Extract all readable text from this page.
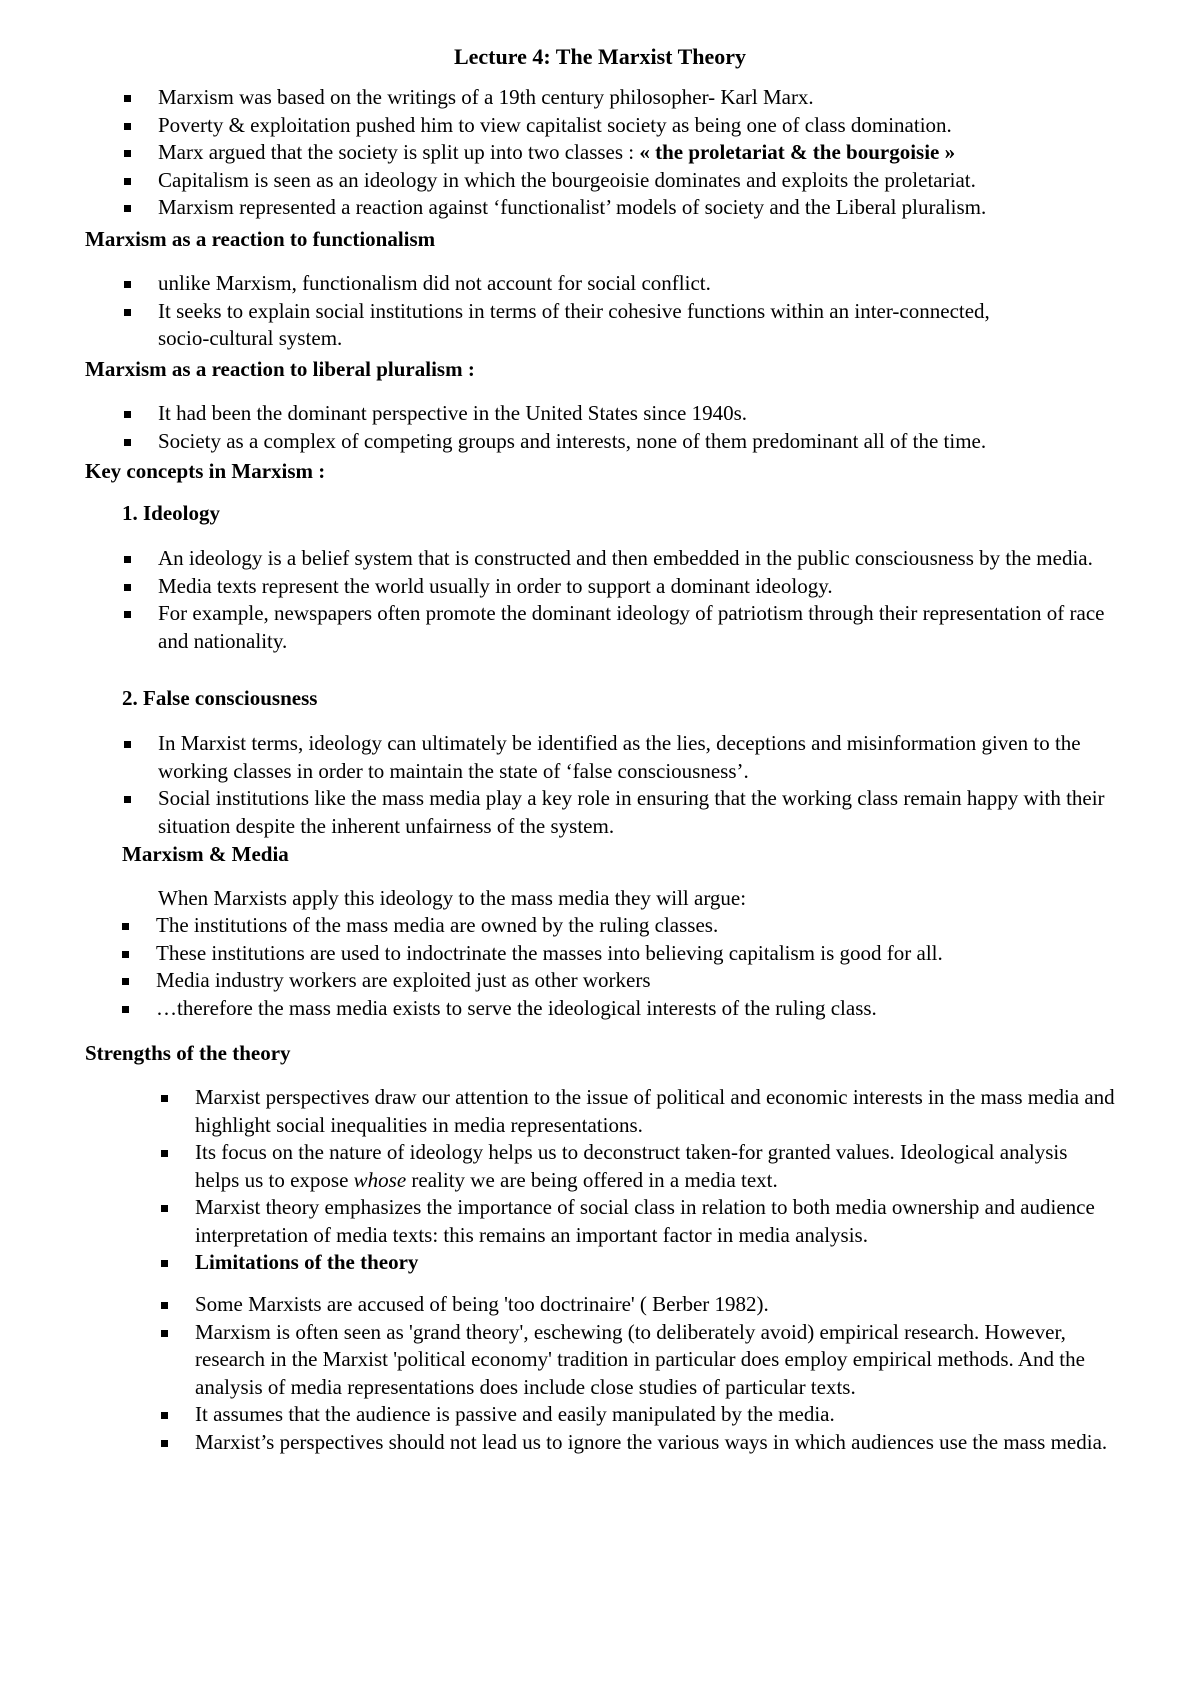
Lecture 4: The Marxist Theory
Marxism was based on the writings of a 19th century philosopher- Karl Marx.
Poverty & exploitation pushed him to view capitalist society as being one of class domination.
Marx argued that the society is split up into two classes : « the proletariat & the bourgoisie »
Capitalism is seen as an ideology in which the bourgeoisie dominates and exploits the proletariat.
Marxism represented a reaction against ‘functionalist’ models of society and the Liberal pluralism.
Marxism as a reaction to functionalism
unlike Marxism, functionalism did not account for social conflict.
It seeks to explain social institutions in terms of their cohesive functions within an inter-connected, socio-cultural system.
Marxism as a reaction to liberal pluralism :
It had been the dominant perspective in the United States since 1940s.
Society as a complex of competing groups and interests, none of them predominant all of the time.
Key concepts in Marxism :
1. Ideology
An ideology is a belief system that is constructed and then embedded in the public consciousness by the media.
Media texts represent the world usually in order to support a dominant ideology.
For example, newspapers often promote the dominant ideology of patriotism through their representation of race and nationality.
2. False consciousness
In Marxist terms, ideology can ultimately be identified as the lies, deceptions and misinformation given to the working classes in order to maintain the state of ‘false consciousness’.
Social institutions like the mass media play a key role in ensuring that the working class remain happy with their situation despite the inherent unfairness of the system.
Marxism & Media
When Marxists apply this ideology to the mass media they will argue:
The institutions of the mass media are owned by the ruling classes.
These institutions are used to indoctrinate the masses into believing capitalism is good for all.
Media industry workers are exploited just as other workers
…therefore the mass media exists to serve the ideological interests of the ruling class.
Strengths of the theory
Marxist perspectives draw our attention to the issue of political and economic interests in the mass media and highlight social inequalities in media representations.
Its focus on the nature of ideology helps us to deconstruct taken-for granted values. Ideological analysis helps us to expose whose reality we are being offered in a media text.
Marxist theory emphasizes the importance of social class in relation to both media ownership and audience interpretation of media texts: this remains an important factor in media analysis.
Limitations of the theory
Some Marxists are accused of being 'too doctrinaire' ( Berber 1982).
Marxism is often seen as 'grand theory', eschewing (to deliberately avoid) empirical research. However, research in the Marxist 'political economy' tradition in particular does employ empirical methods. And the analysis of media representations does include close studies of particular texts.
It assumes that the audience is passive and easily manipulated by the media.
Marxist’s perspectives should not lead us to ignore the various ways in which audiences use the mass media.
